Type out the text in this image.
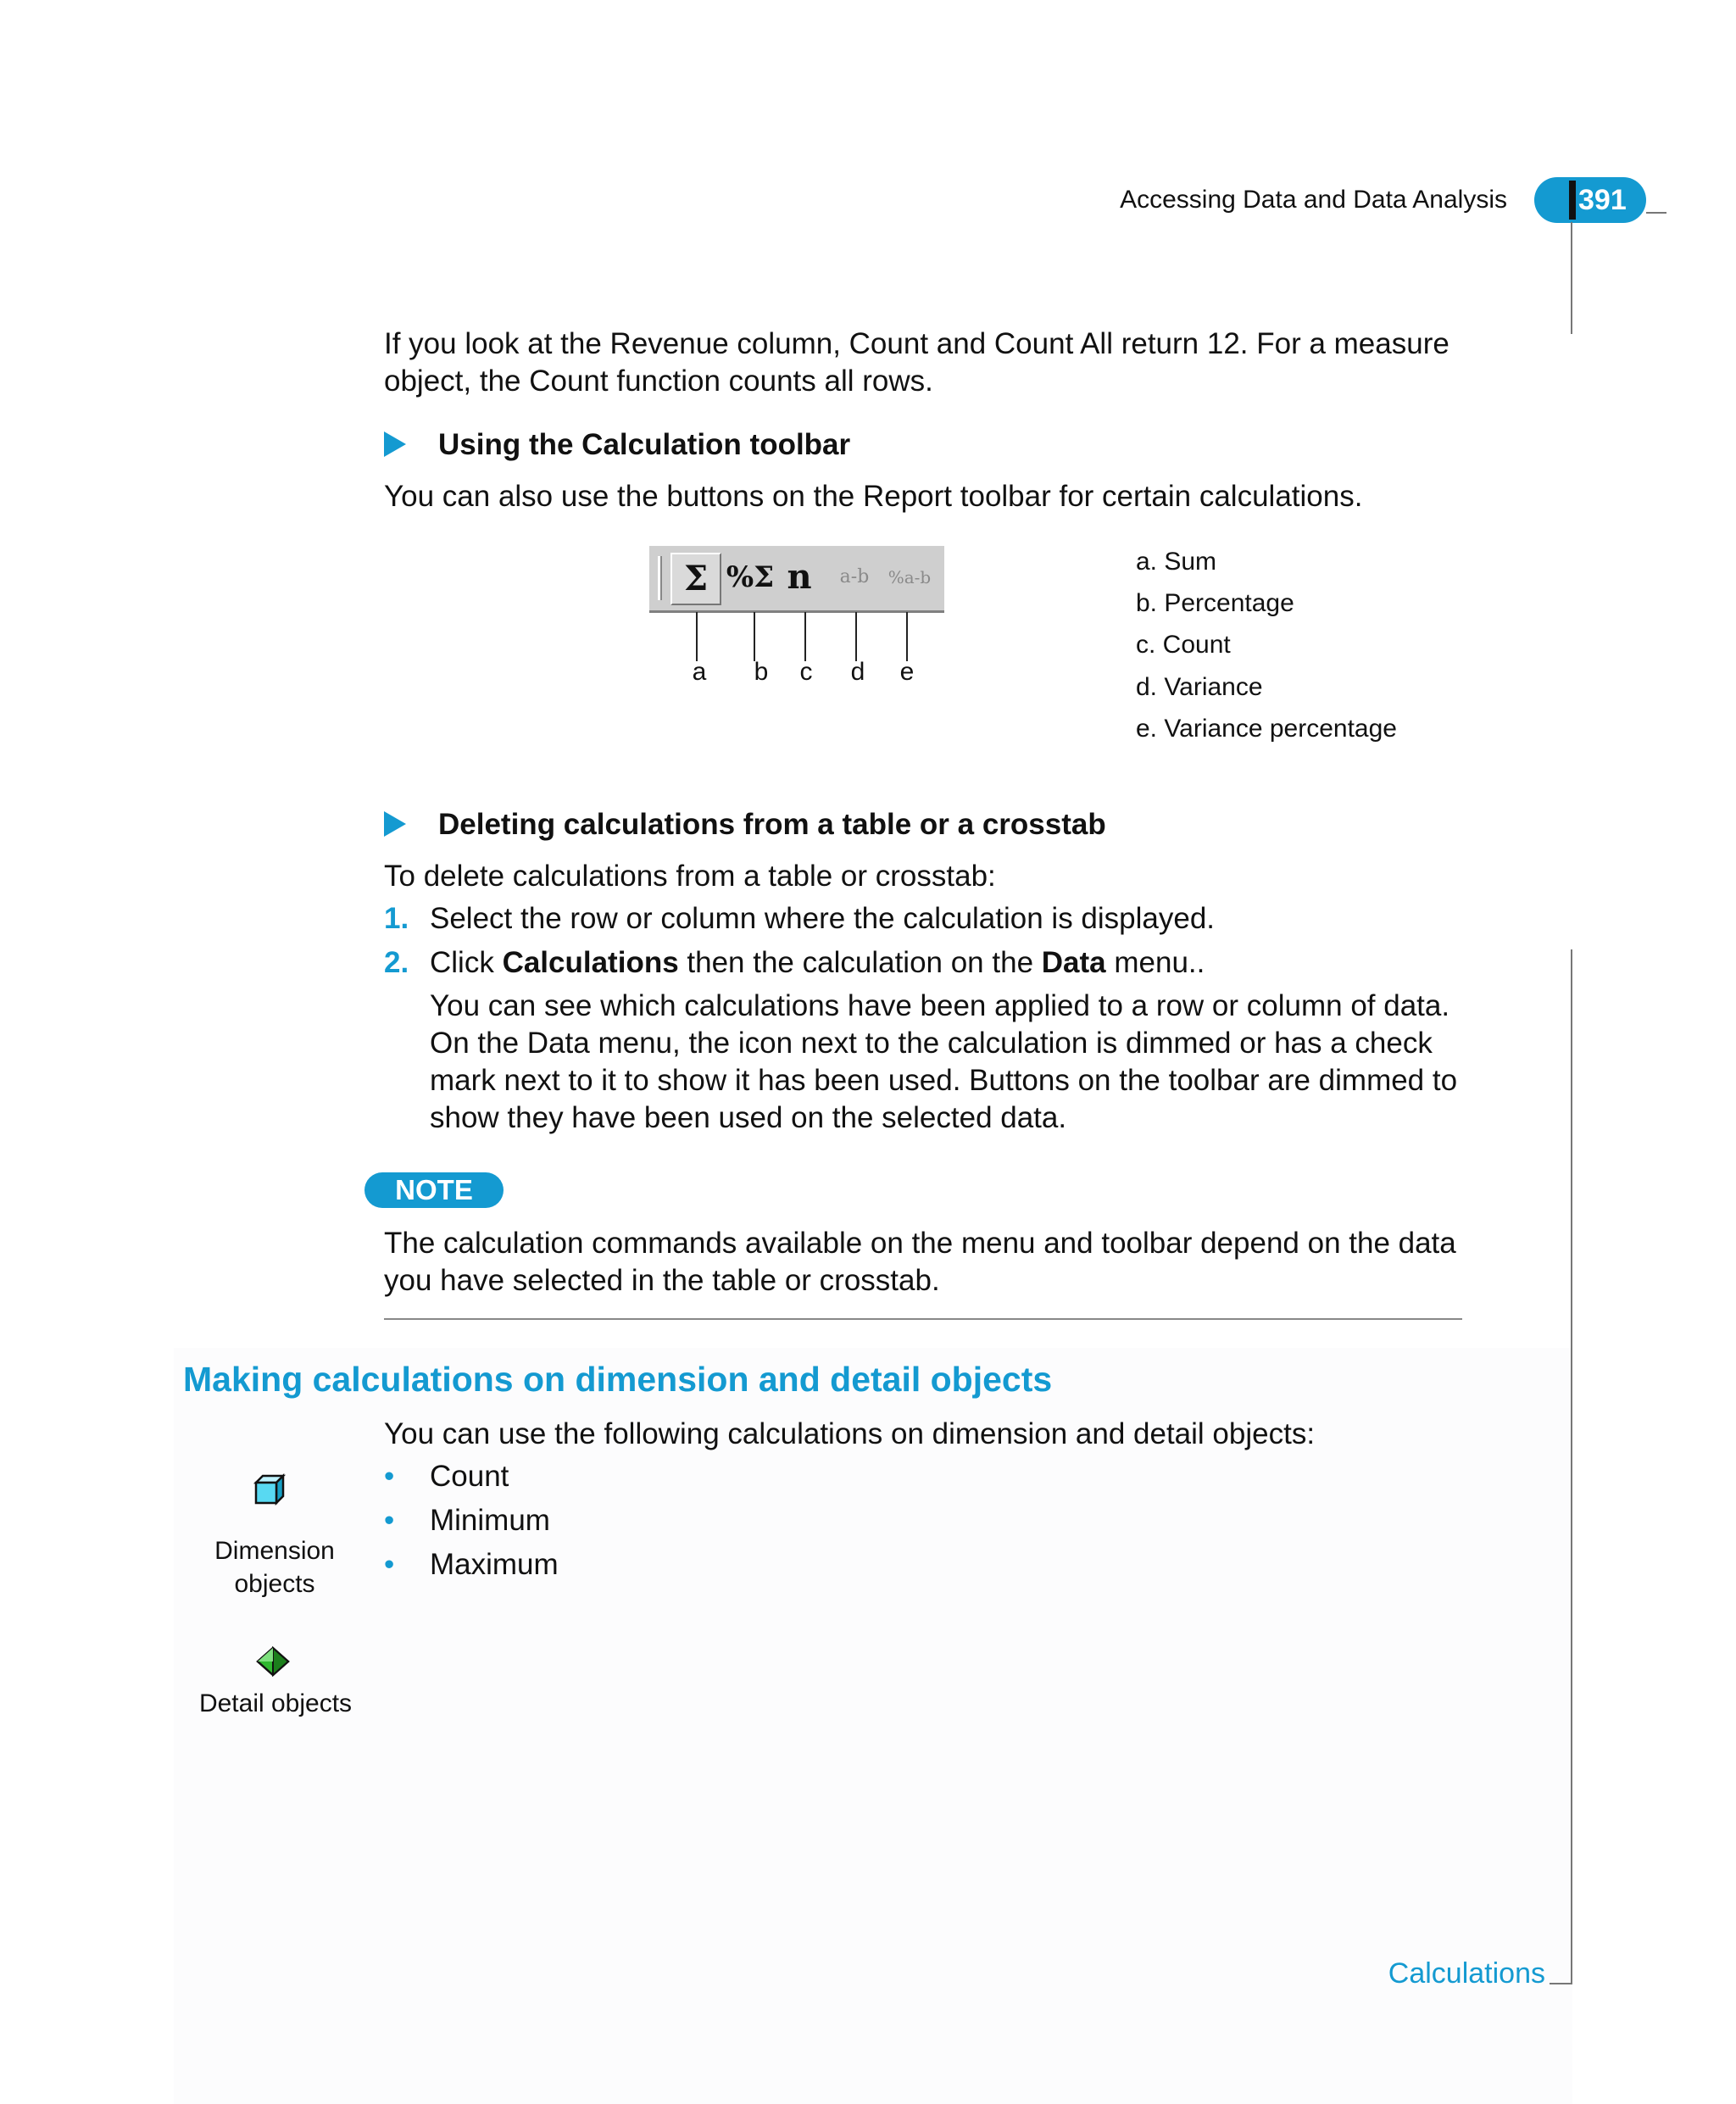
Accessing Data and Data Analysis	391
If you look at the Revenue column, Count and Count All return 12. For a measure object, the Count function counts all rows.
Using the Calculation toolbar
You can also use the buttons on the Report toolbar for certain calculations.
Σ %Σ n	a-b	%a-b
a b c d e
a. Sum
b. Percentage
c. Count
d. Variance
e. Variance percentage
Deleting calculations from a table or a crosstab
To delete calculations from a table or crosstab:
1. Select the row or column where the calculation is displayed.
2. Click Calculations then the calculation on the Data menu..
You can see which calculations have been applied to a row or column of data. On the Data menu, the icon next to the calculation is dimmed or has a check mark next to it to show it has been used. Buttons on the toolbar are dimmed to show they have been used on the selected data.
NOTE
The calculation commands available on the menu and toolbar depend on the data you have selected in the table or crosstab.
Making calculations on dimension and detail objects
You can use the following calculations on dimension and detail objects:
• Count
• Minimum
• Maximum
Dimension
objects
Detail objects
Calculations
